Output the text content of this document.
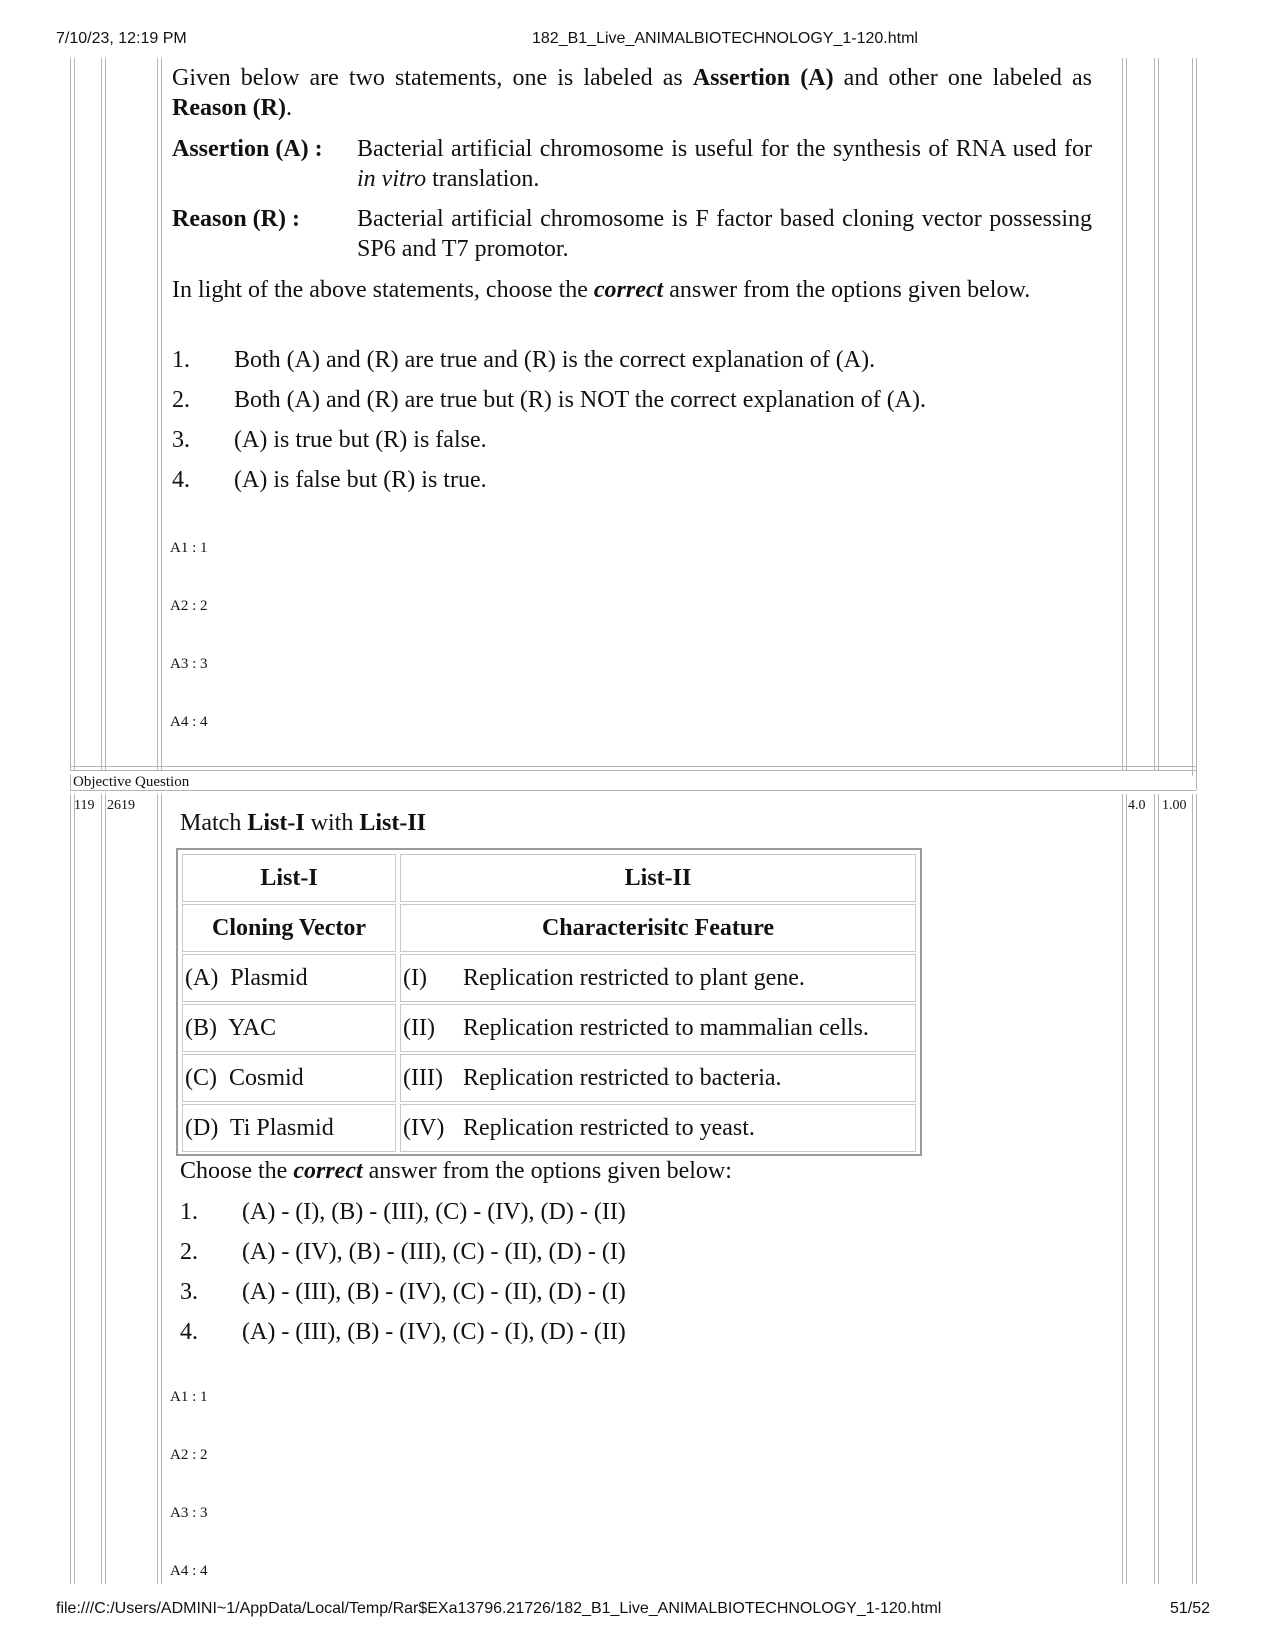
7/10/23, 12:19 PM	182_B1_Live_ANIMALBIOTECHNOLOGY_1-120.html
Given below are two statements, one is labeled as Assertion (A) and other one labeled as Reason (R).
Assertion (A) : Bacterial artificial chromosome is useful for the synthesis of RNA used for in vitro translation.
Reason (R) : Bacterial artificial chromosome is F factor based cloning vector possessing SP6 and T7 promotor.
In light of the above statements, choose the correct answer from the options given below.
1. Both (A) and (R) are true and (R) is the correct explanation of (A).
2. Both (A) and (R) are true but (R) is NOT the correct explanation of (A).
3. (A) is true but (R) is false.
4. (A) is false but (R) is true.
A1 : 1
A2 : 2
A3 : 3
A4 : 4
Objective Question
119 2619	4.0 1.00
Match List-I with List-II
List-I	List-II
Cloning Vector	Characterisitc Feature
(A)  Plasmid	(I) Replication restricted to plant gene.
(B)  YAC	(II) Replication restricted to mammalian cells.
(C)  Cosmid	(III) Replication restricted to bacteria.
(D)  Ti Plasmid	(IV) Replication restricted to yeast.
Choose the correct answer from the options given below:
1. (A) - (I), (B) - (III), (C) - (IV), (D) - (II)
2. (A) - (IV), (B) - (III), (C) - (II), (D) - (I)
3. (A) - (III), (B) - (IV), (C) - (II), (D) - (I)
4. (A) - (III), (B) - (IV), (C) - (I), (D) - (II)
A1 : 1
A2 : 2
A3 : 3
A4 : 4
file:///C:/Users/ADMINI~1/AppData/Local/Temp/Rar$EXa13796.21726/182_B1_Live_ANIMALBIOTECHNOLOGY_1-120.html	51/52
